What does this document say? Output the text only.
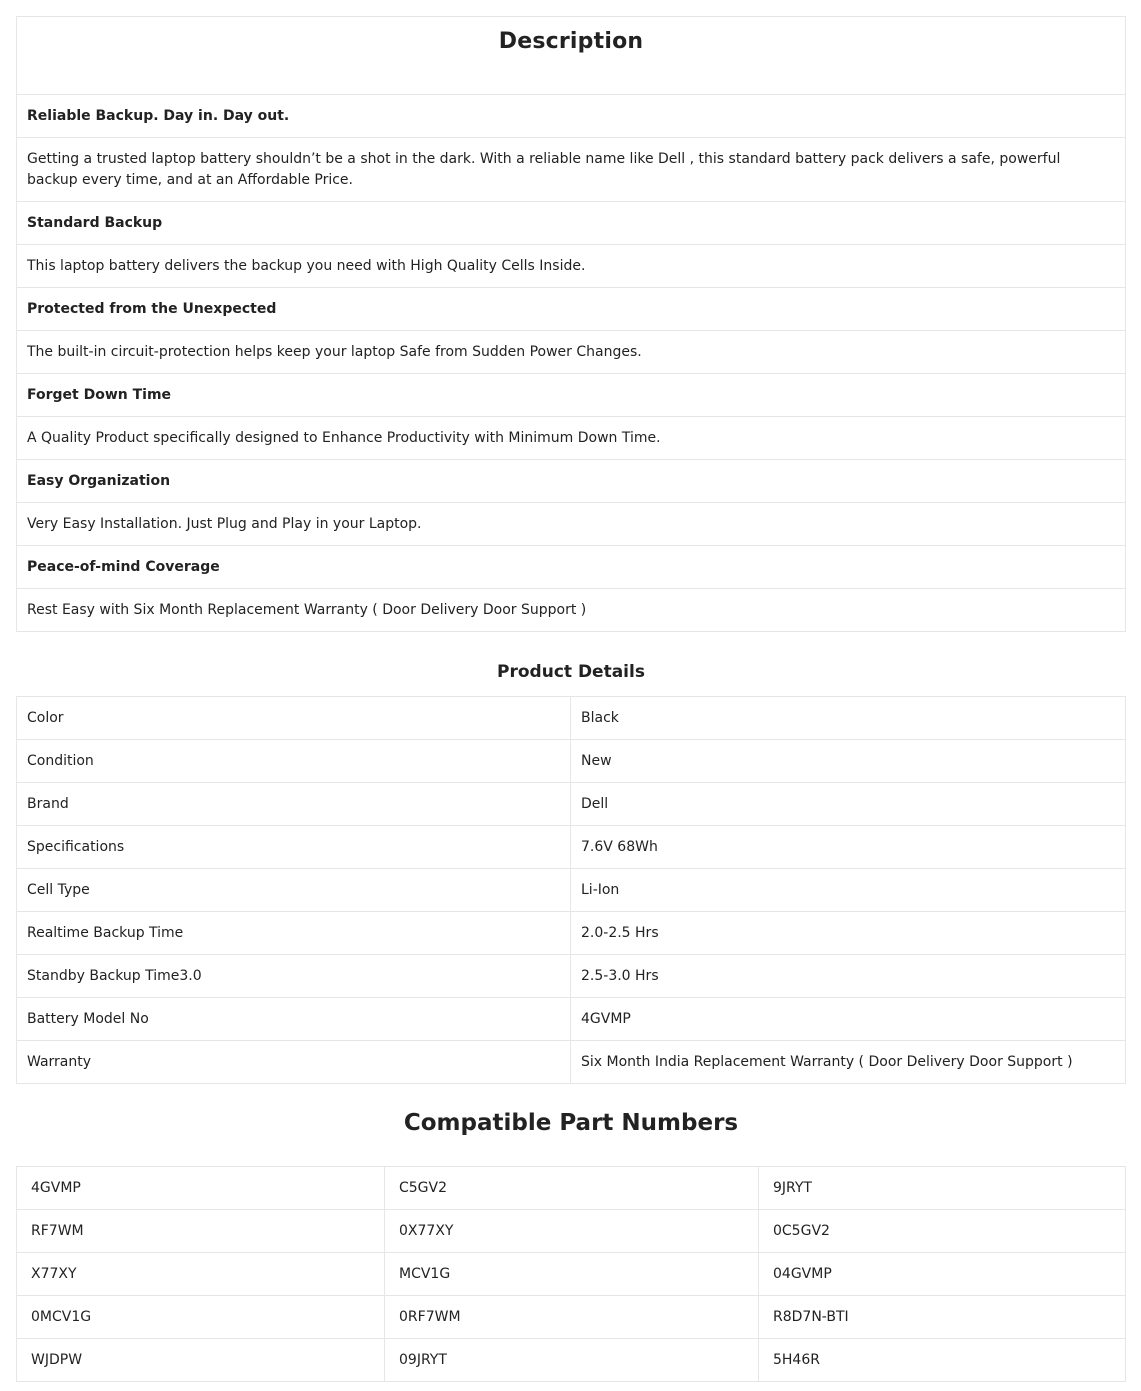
Description

Reliable Backup. Day in. Day out.
Getting a trusted laptop battery shouldn’t be a shot in the dark. With a reliable name like Dell , this standard battery pack delivers a safe, powerful backup every time, and at an Affordable Price.
Standard Backup
This laptop battery delivers the backup you need with High Quality Cells Inside.
Protected from the Unexpected
The built-in circuit-protection helps keep your laptop Safe from Sudden Power Changes.
Forget Down Time
A Quality Product specifically designed to Enhance Productivity with Minimum Down Time.
Easy Organization
Very Easy Installation. Just Plug and Play in your Laptop.
Peace-of-mind Coverage
Rest Easy with Six Month Replacement Warranty ( Door Delivery Door Support )
Product Details
Color	Black
Condition	New
Brand	Dell
Specifications	7.6V 68Wh
Cell Type	Li-Ion
Realtime Backup Time	2.0-2.5 Hrs
Standby Backup Time3.0	2.5-3.0 Hrs
Battery Model No	4GVMP
Warranty	Six Month India Replacement Warranty ( Door Delivery Door Support )
Compatible Part Numbers
4GVMP	C5GV2	9JRYT
RF7WM	0X77XY	0C5GV2
X77XY	MCV1G	04GVMP
0MCV1G	0RF7WM	R8D7N-BTI
WJDPW	09JRYT	5H46R
